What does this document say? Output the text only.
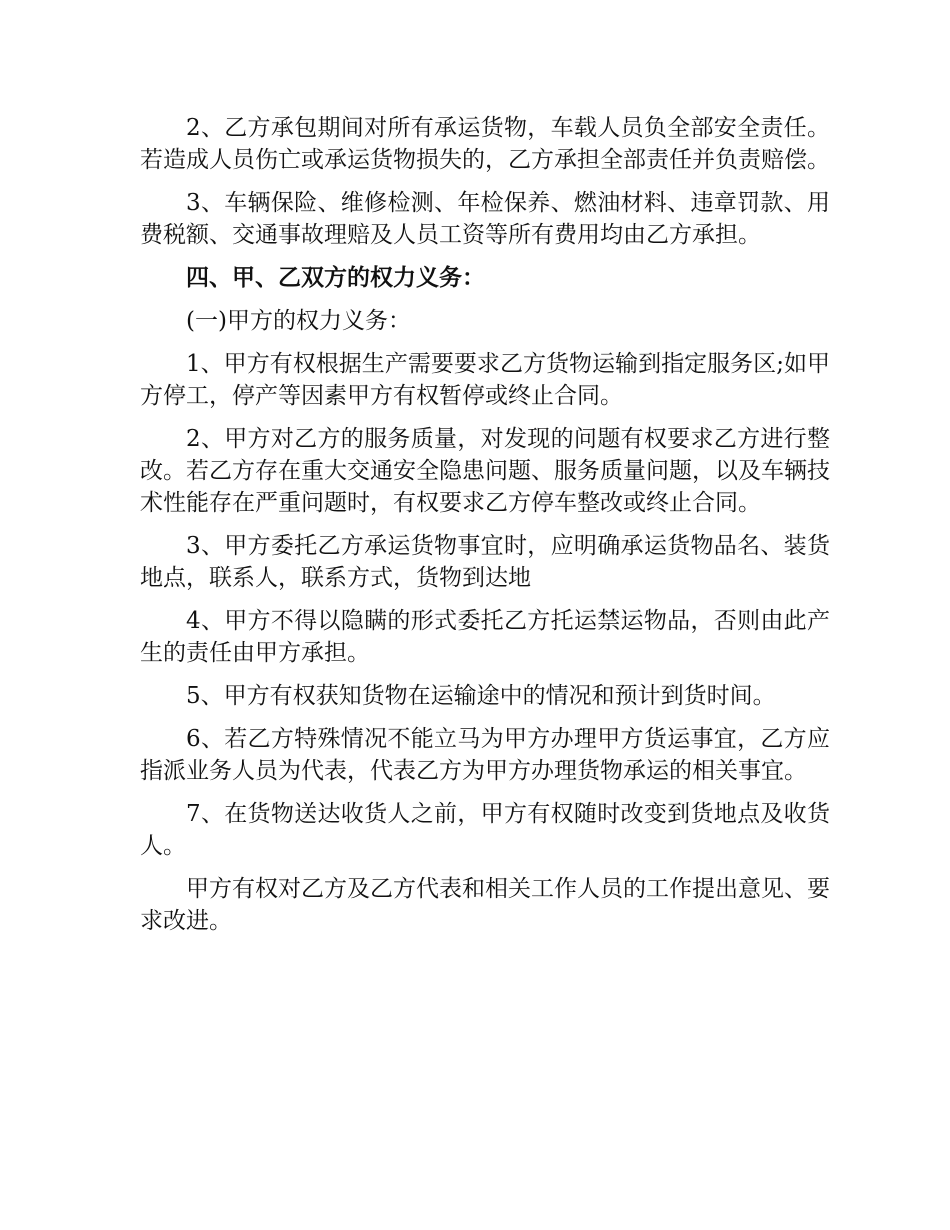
2、乙方承包期间对所有承运货物，车载人员负全部安全责任。若造成人员伤亡或承运货物损失的，乙方承担全部责任并负责赔偿。

3、车辆保险、维修检测、年检保养、燃油材料、违章罚款、用费税额、交通事故理赔及人员工资等所有费用均由乙方承担。

四、甲、乙双方的权力义务：

(一)甲方的权力义务：

1、甲方有权根据生产需要要求乙方货物运输到指定服务区;如甲方停工，停产等因素甲方有权暂停或终止合同。

2、甲方对乙方的服务质量，对发现的问题有权要求乙方进行整改。若乙方存在重大交通安全隐患问题、服务质量问题，以及车辆技术性能存在严重问题时，有权要求乙方停车整改或终止合同。

3、甲方委托乙方承运货物事宜时，应明确承运货物品名、装货地点，联系人，联系方式，货物到达地

4、甲方不得以隐瞒的形式委托乙方托运禁运物品，否则由此产生的责任由甲方承担。

5、甲方有权获知货物在运输途中的情况和预计到货时间。

6、若乙方特殊情况不能立马为甲方办理甲方货运事宜，乙方应指派业务人员为代表，代表乙方为甲方办理货物承运的相关事宜。

7、在货物送达收货人之前，甲方有权随时改变到货地点及收货人。

甲方有权对乙方及乙方代表和相关工作人员的工作提出意见、要求改进。
